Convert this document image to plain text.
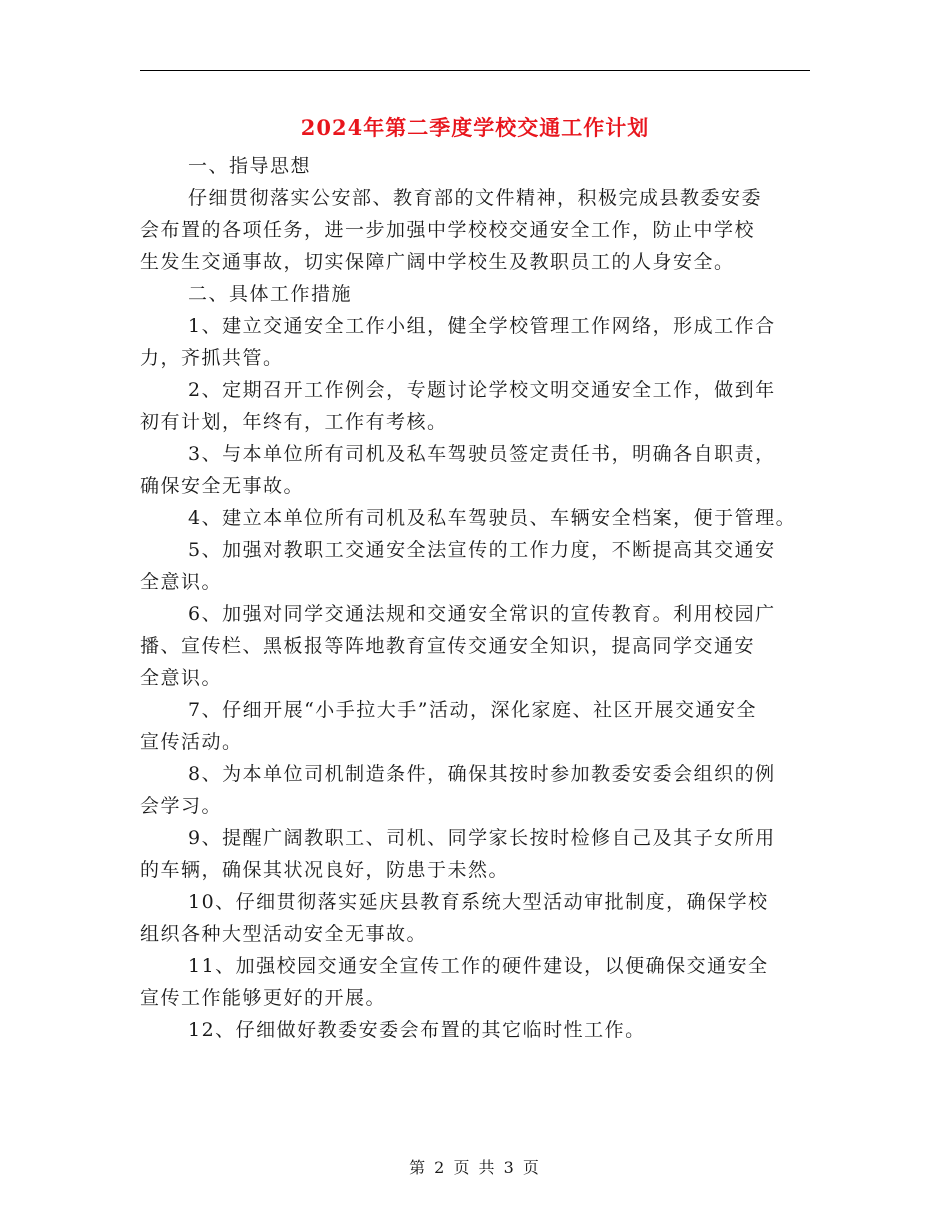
2024年第二季度学校交通工作计划

一、指导思想

仔细贯彻落实公安部、教育部的文件精神，积极完成县教委安委
会布置的各项任务，进一步加强中学校校交通安全工作，防止中学校
生发生交通事故，切实保障广阔中学校生及教职员工的人身安全。

二、具体工作措施

1、建立交通安全工作小组，健全学校管理工作网络，形成工作合
力，齐抓共管。

2、定期召开工作例会，专题讨论学校文明交通安全工作，做到年
初有计划，年终有，工作有考核。

3、与本单位所有司机及私车驾驶员签定责任书，明确各自职责，
确保安全无事故。

4、建立本单位所有司机及私车驾驶员、车辆安全档案，便于管理。

5、加强对教职工交通安全法宣传的工作力度，不断提高其交通安
全意识。

6、加强对同学交通法规和交通安全常识的宣传教育。利用校园广
播、宣传栏、黑板报等阵地教育宣传交通安全知识，提高同学交通安
全意识。

7、仔细开展“小手拉大手”活动，深化家庭、社区开展交通安全
宣传活动。

8、为本单位司机制造条件，确保其按时参加教委安委会组织的例
会学习。

9、提醒广阔教职工、司机、同学家长按时检修自己及其子女所用
的车辆，确保其状况良好，防患于未然。

10、仔细贯彻落实延庆县教育系统大型活动审批制度，确保学校
组织各种大型活动安全无事故。

11、加强校园交通安全宣传工作的硬件建设，以便确保交通安全
宣传工作能够更好的开展。

12、仔细做好教委安委会布置的其它临时性工作。

第 2 页 共 3 页
